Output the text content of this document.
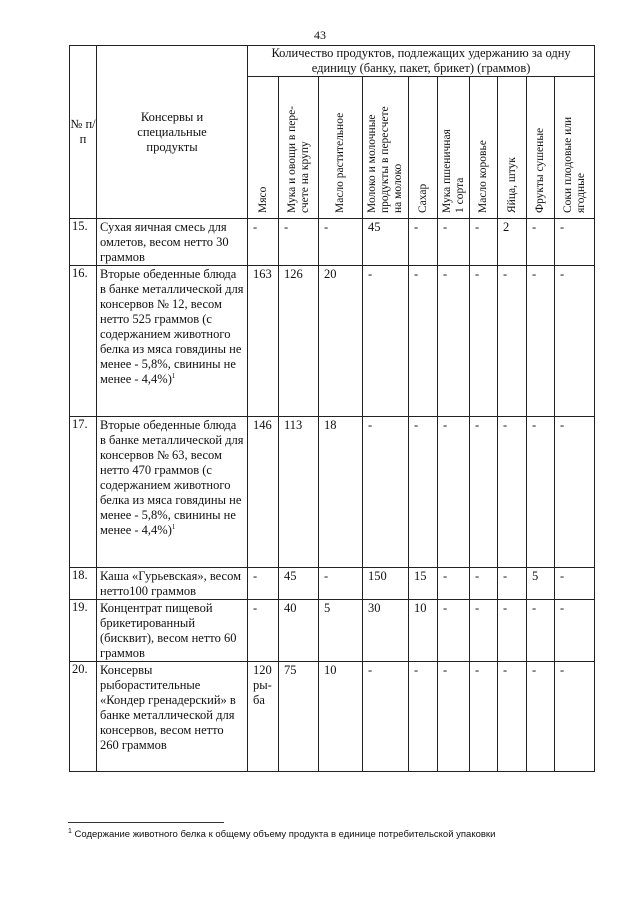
43
№ п/п	Консервы и специальные продукты	Количество продуктов, подлежащих удержанию за одну единицу (банку, пакет, брикет) (граммов)									

		Мясо	Мука и овощи в пере-
счете на крупу	Масло растительное	Молоко и молочные
продукты в пересчете
на молоко	Сахар	Мука пшеничная
1 сорта	Масло коровье	Яйца, штук	Фрукты сушеные	Соки плодовые или
ягодные

15.	Сухая яичная смесь для омлетов, весом нетто 30 граммов	-	-	-	45	-	-	-	2	-	-
16.	Вторые обеденные блюда в банке металлической для консервов № 12, весом нетто 525 граммов (с содержанием животного белка из мяса говядины не менее - 5,8%, свинины не менее - 4,4%)$^1$	163	126	20	-	-	-	-	-	-	-
17.	Вторые обеденные блюда в банке металлической для консервов № 63, весом нетто 470 граммов (с содержанием животного белка из мяса говядины не менее - 5,8%, свинины не менее - 4,4%)$^1$	146	113	18	-	-	-	-	-	-	-
18.	Каша «Гурьевская», весом нетто100 граммов	-	45	-	150	15	-	-	-	5	-
19.	Концентрат пищевой брикетированный (бисквит), весом нетто 60 граммов	-	40	5	30	10	-	-	-	-	-
20.	Консервы рыборастительные «Кондер гренадерский» в банке металлической для консервов, весом нетто 260 граммов	120
ры-
ба	75	10	-	-	-	-	-	-	-
$^1$ Содержание животного белка к общему объему продукта в единице потребительской упаковки
